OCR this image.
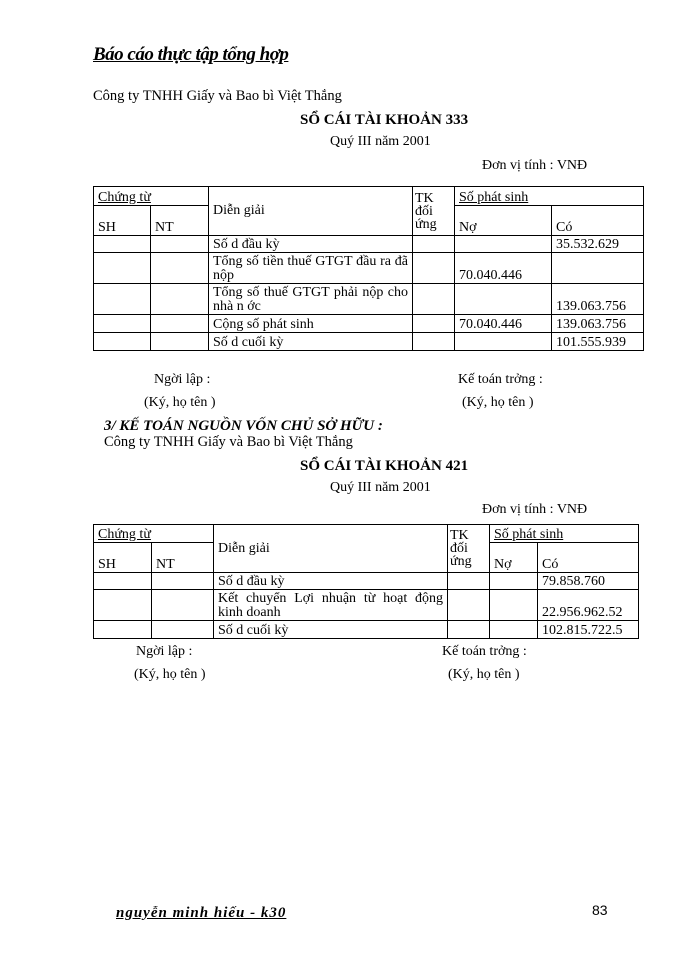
Báo cáo thực tập tổng hợp
Công ty TNHH Giấy và Bao bì Việt Thắng
SỔ CÁI TÀI KHOẢN 333
Quý III năm 2001
Đơn vị tính : VNĐ
Chứng từ		Diễn giải	TK đối ứng	Số phát sinh	
SH	NT			Nợ	Có
		Số d đầu kỳ			35.532.629
		Tổng số tiền thuế GTGT đầu ra đã nộp		70.040.446	
		Tổng số thuế GTGT phải nộp cho nhà n ớc			139.063.756
		Cộng số phát sinh		70.040.446	139.063.756
		Số d cuối kỳ			101.555.939
Ngời lập :	Kế toán trởng :
(Ký, họ tên )	(Ký, họ tên )
3/ KẾ TOÁN NGUỒN VỐN CHỦ SỞ HỮU :
Công ty TNHH Giấy và Bao bì Việt Thắng
SỔ CÁI TÀI KHOẢN 421
Quý III năm 2001
Đơn vị tính : VNĐ
Chứng từ		Diễn giải	TK đối ứng	Số phát sinh	
SH	NT			Nợ	Có
		Số d đầu kỳ			79.858.760
		Kết chuyển Lợi nhuận từ hoạt động kinh doanh			22.956.962.52
		Số d cuối kỳ			102.815.722.5
Ngời lập :	Kế toán trởng :
(Ký, họ tên )	(Ký, họ tên )
nguyễn minh hiếu - k30	83
